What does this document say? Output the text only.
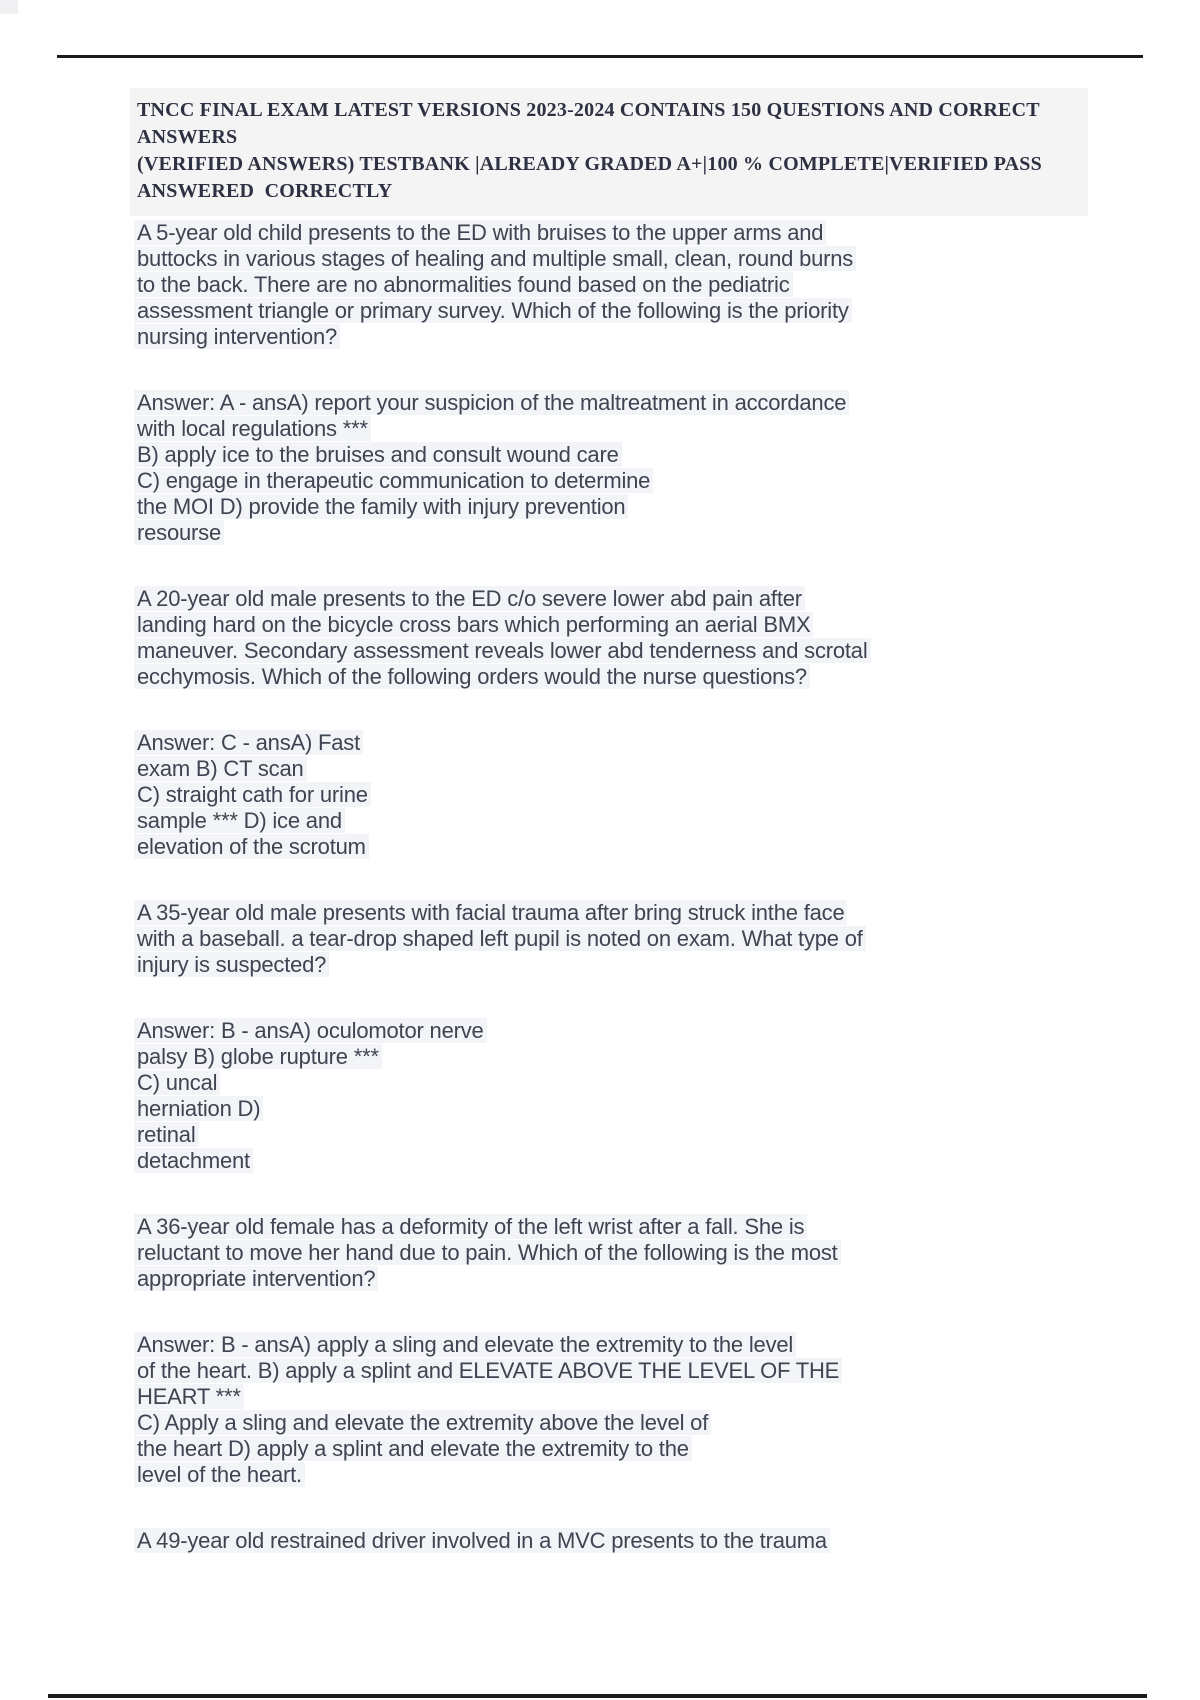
TNCC FINAL EXAM LATEST VERSIONS 2023-2024 CONTAINS 150 QUESTIONS AND CORRECT ANSWERS
(VERIFIED ANSWERS) TESTBANK |ALREADY GRADED A+|100 % COMPLETE|VERIFIED PASS
ANSWERED  CORRECTLY
A 5-year old child presents to the ED with bruises to the upper arms and
buttocks in various stages of healing and multiple small, clean, round burns
to the back. There are no abnormalities found based on the pediatric
assessment triangle or primary survey. Which of the following is the priority
nursing intervention?
Answer: A - ansA) report your suspicion of the maltreatment in accordance
with local regulations ***
B) apply ice to the bruises and consult wound care
C) engage in therapeutic communication to determine
the MOI D) provide the family with injury prevention
resourse
A 20-year old male presents to the ED c/o severe lower abd pain after
landing hard on the bicycle cross bars which performing an aerial BMX
maneuver. Secondary assessment reveals lower abd tenderness and scrotal
ecchymosis. Which of the following orders would the nurse questions?
Answer: C - ansA) Fast
exam B) CT scan
C) straight cath for urine
sample *** D) ice and
elevation of the scrotum
A 35-year old male presents with facial trauma after bring struck inthe face
with a baseball. a tear-drop shaped left pupil is noted on exam. What type of
injury is suspected?
Answer: B - ansA) oculomotor nerve
palsy B) globe rupture ***
C) uncal
herniation D)
retinal
detachment
A 36-year old female has a deformity of the left wrist after a fall. She is
reluctant to move her hand due to pain. Which of the following is the most
appropriate intervention?
Answer: B - ansA) apply a sling and elevate the extremity to the level
of the heart. B) apply a splint and ELEVATE ABOVE THE LEVEL OF THE
HEART ***
C) Apply a sling and elevate the extremity above the level of
the heart D) apply a splint and elevate the extremity to the
level of the heart.
A 49-year old restrained driver involved in a MVC presents to the trauma
